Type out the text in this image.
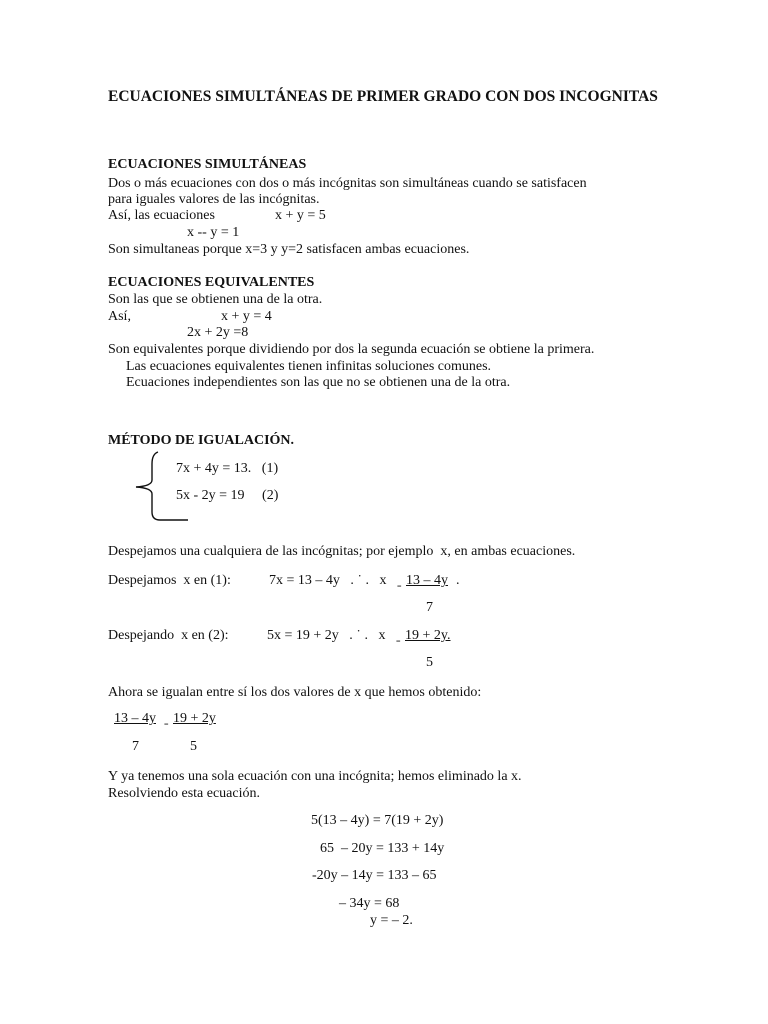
ECUACIONES SIMULTÁNEAS DE PRIMER GRADO CON DOS INCOGNITAS
ECUACIONES SIMULTÁNEAS
Dos o más ecuaciones con dos o más incógnitas son simultáneas cuando se satisfacen
para iguales valores de las incógnitas.
Así, las ecuaciones	x + y = 5
x -- y = 1
Son simultaneas porque x=3 y y=2 satisfacen ambas ecuaciones.
ECUACIONES EQUIVALENTES
Son las que se obtienen una de la otra.
Así,	x + y = 4
2x + 2y =8
Son equivalentes porque dividiendo por dos la segunda ecuación se obtiene la primera.
Las ecuaciones equivalentes tienen infinitas soluciones comunes.
Ecuaciones independientes son las que no se obtienen una de la otra.
MÉTODO DE IGUALACIÓN.
7x + 4y = 13.   (1)
5x - 2y = 19     (2)
Despejamos una cualquiera de las incógnitas; por ejemplo  x, en ambas ecuaciones.
Despejamos  x en (1):	7x = 13 – 4y   . ˙ .   x = 13 – 4y .
7
Despejando  x en (2):	5x = 19 + 2y   . ˙ .   x = 19 + 2y.
5
Ahora se igualan entre sí los dos valores de x que hemos obtenido:
13 – 4y = 19 + 2y
7	5
Y ya tenemos una sola ecuación con una incógnita; hemos eliminado la x.
Resolviendo esta ecuación.
5(13 – 4y) = 7(19 + 2y)
65  – 20y = 133 + 14y
-20y – 14y = 133 – 65
– 34y = 68
y = – 2.
